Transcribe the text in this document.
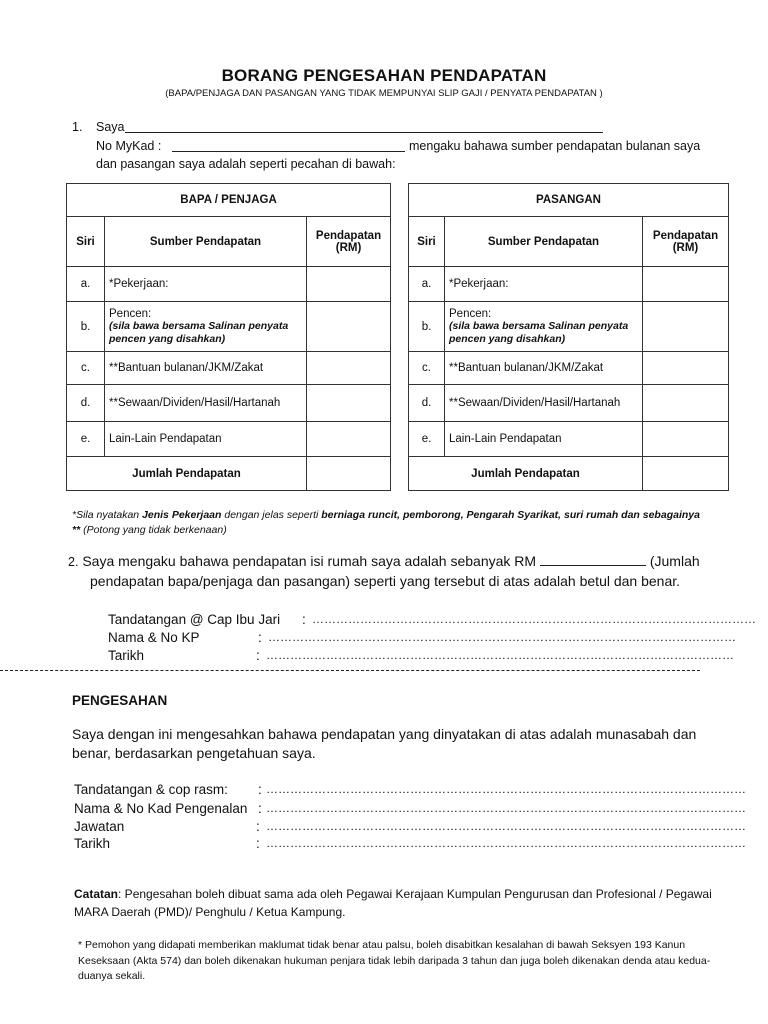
BORANG PENGESAHAN PENDAPATAN
(BAPA/PENJAGA DAN PASANGAN YANG TIDAK MEMPUNYAI SLIP GAJI / PENYATA PENDAPATAN )
1. Saya
No MyKad :	mengaku bahawa sumber pendapatan bulanan saya
dan pasangan saya adalah seperti pecahan di bawah:
BAPA / PENJAGA		
Siri	Sumber Pendapatan	Pendapatan (RM)
a.	*Pekerjaan:	
b.	Pencen:
(sila bawa bersama Salinan penyata pencen yang disahkan)	

c.	**Bantuan bulanan/JKM/Zakat	
d.	**Sewaan/Dividen/Hasil/Hartanah	
e.	Lain-Lain Pendapatan	
Jumlah Pendapatan		
PASANGAN		
Siri	Sumber Pendapatan	Pendapatan (RM)
a.	*Pekerjaan:	
b.	Pencen:
(sila bawa bersama Salinan penyata pencen yang disahkan)	

c.	**Bantuan bulanan/JKM/Zakat	
d.	**Sewaan/Dividen/Hasil/Hartanah	
e.	Lain-Lain Pendapatan	
Jumlah Pendapatan		
*Sila nyatakan Jenis Pekerjaan dengan jelas seperti berniaga runcit, pemborong, Pengarah Syarikat, suri rumah dan sebagainya ** (Potong yang tidak berkenaan)
2. Saya mengaku bahawa pendapatan isi rumah saya adalah sebanyak RM	(Jumlah
pendapatan bapa/penjaga dan pasangan) seperti yang tersebut di atas adalah betul dan benar.
Tandatangan @ Cap Ibu Jari : …………………………………………………………………………………………………
Nama & No KP	: ………………………………………………………………………………………………………
Tarikh	: ………………………………………………………………………………………………………
PENGESAHAN
Saya dengan ini mengesahkan bahawa pendapatan yang dinyatakan di atas adalah munasabah dan benar, berdasarkan pengetahuan saya.
Tandatangan & cop rasm: : …………………………………………………………………………………………………………
Nama & No Kad Pengenalan : …………………………………………………………………………………………………………
Jawatan	: …………………………………………………………………………………………………………
Tarikh	: …………………………………………………………………………………………………………
Catatan: Pengesahan boleh dibuat sama ada oleh Pegawai Kerajaan Kumpulan Pengurusan dan Profesional / Pegawai MARA Daerah (PMD)/ Penghulu / Ketua Kampung.
* Pemohon yang didapati memberikan maklumat tidak benar atau palsu, boleh disabitkan kesalahan di bawah Seksyen 193 Kanun Keseksaan (Akta 574) dan boleh dikenakan hukuman penjara tidak lebih daripada 3 tahun dan juga boleh dikenakan denda atau kedua-duanya sekali.
